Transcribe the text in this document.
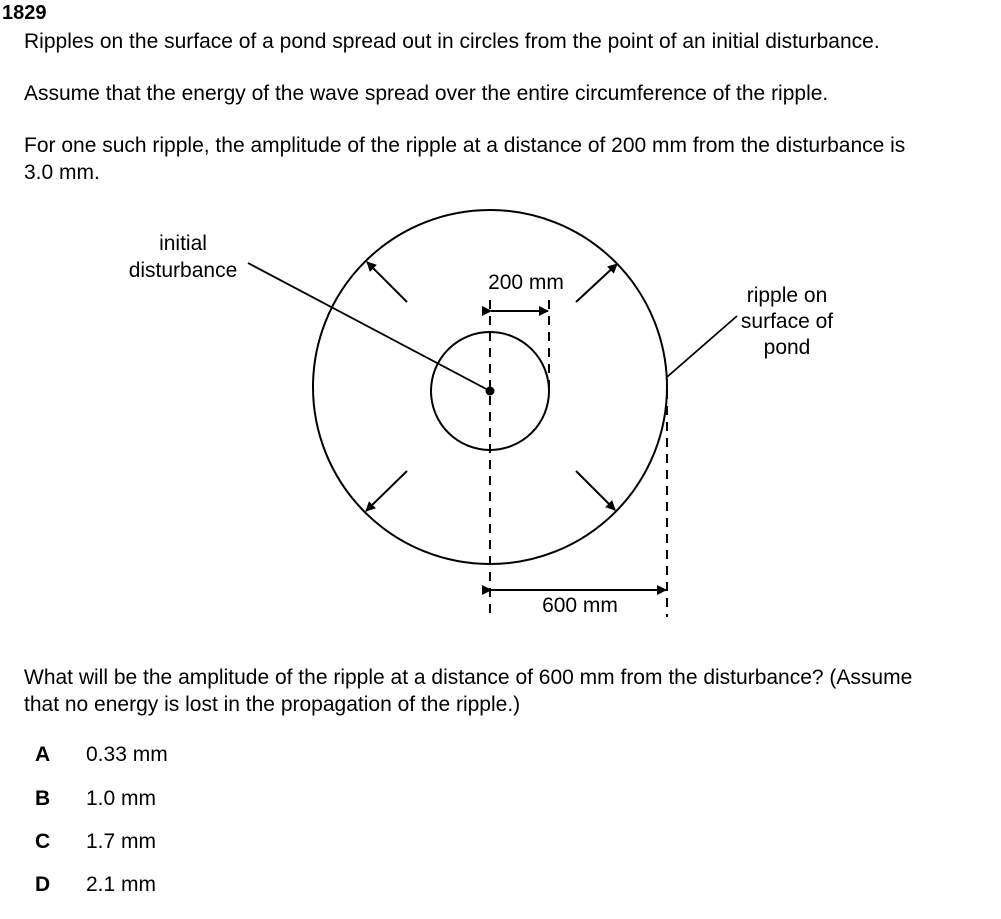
1829

Ripples on the surface of a pond spread out in circles from the point of an initial disturbance.

Assume that the energy of the wave spread over the entire circumference of the ripple.

For one such ripple, the amplitude of the ripple at a distance of 200 mm from the disturbance is

3.0 mm.

initial
disturbance
200 mm
ripple on
surface of
pond
600 mm

What will be the amplitude of the ripple at a distance of 600 mm from the disturbance? (Assume

that no energy is lost in the propagation of the ripple.)

A 0.33 mm
B 1.0 mm
C 1.7 mm
D 2.1 mm
